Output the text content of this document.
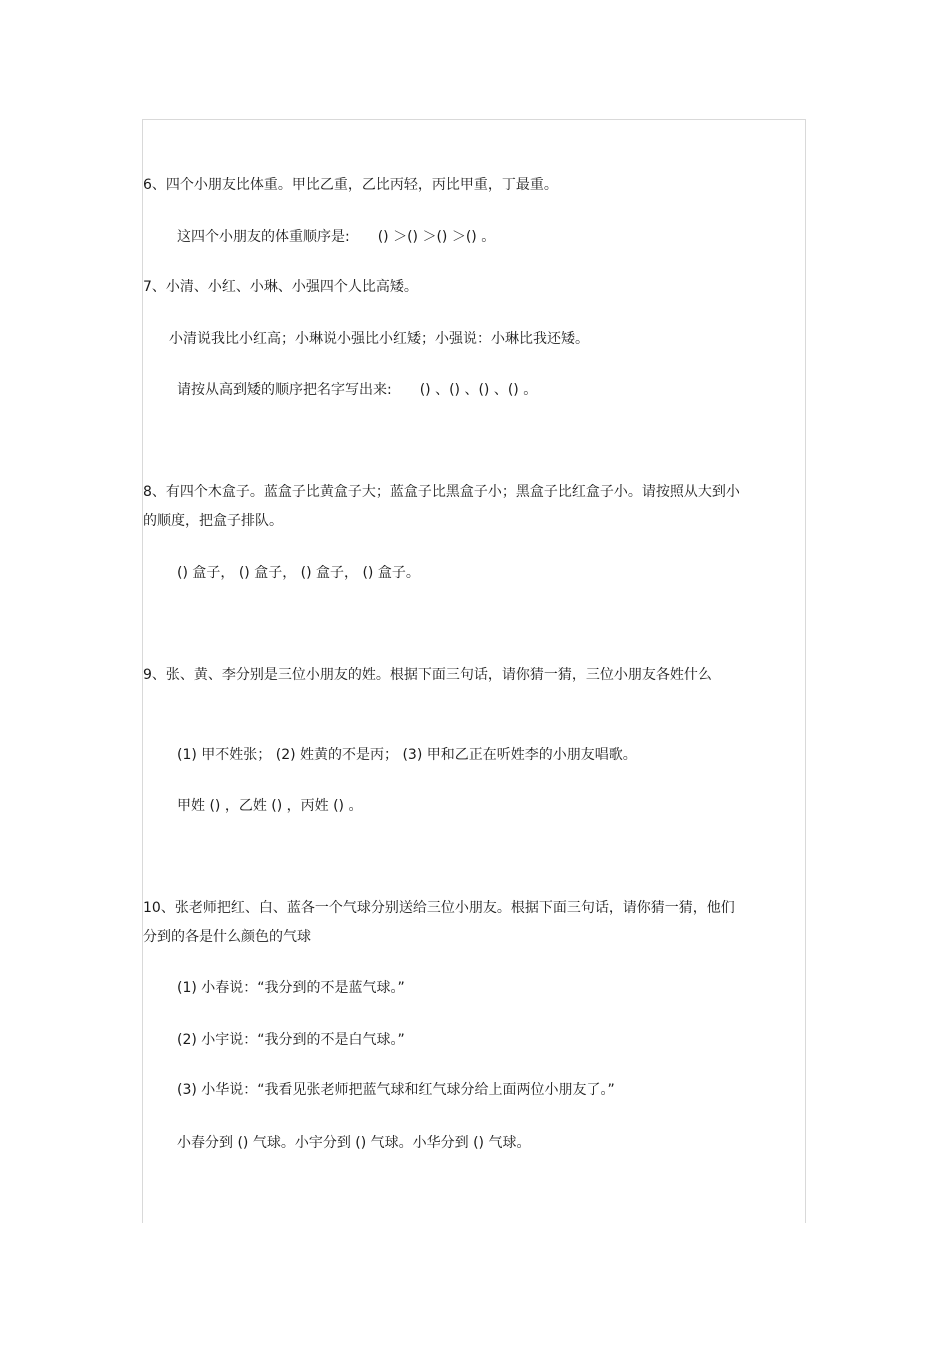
6、四个小朋友比体重。甲比乙重，乙比丙轻，丙比甲重，丁最重。
这四个小朋友的体重顺序是:　　() ＞() ＞() ＞() 。
7、小清、小红、小琳、小强四个人比高矮。
小清说我比小红高；小琳说小强比小红矮；小强说：小琳比我还矮。
请按从高到矮的顺序把名字写出来:　　() 、() 、() 、() 。
8、有四个木盒子。蓝盒子比黄盒子大；蓝盒子比黑盒子小；黑盒子比红盒子小。请按照从大到小的顺度，把盒子排队。
() 盒子， () 盒子， () 盒子， () 盒子。
9、张、黄、李分别是三位小朋友的姓。根据下面三句话，请你猜一猜，三位小朋友各姓什么
(1) 甲不姓张； (2) 姓黄的不是丙； (3) 甲和乙正在听姓李的小朋友唱歌。
甲姓 () ，乙姓 () ，丙姓 () 。
10、张老师把红、白、蓝各一个气球分别送给三位小朋友。根据下面三句话，请你猜一猜，他们分到的各是什么颜色的气球
(1) 小春说：“我分到的不是蓝气球。”
(2) 小宇说：“我分到的不是白气球。”
(3) 小华说：“我看见张老师把蓝气球和红气球分给上面两位小朋友了。”
小春分到 () 气球。小宇分到 () 气球。小华分到 () 气球。
